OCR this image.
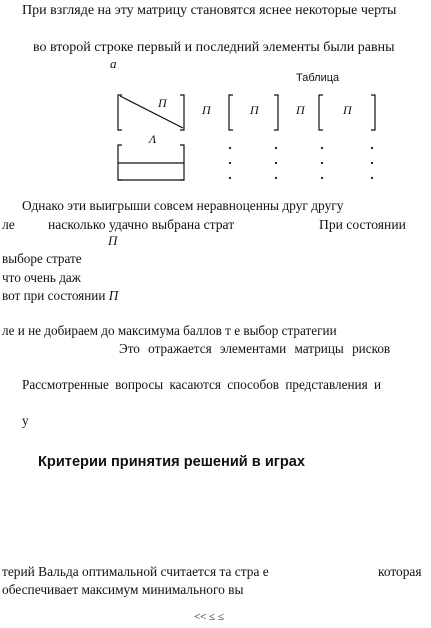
При взгляде на эту матрицу становятся яснее некоторые черты
во второй строке первый и последний элементы были равны
a
Таблица
П
Λ
П	П	П	П
Однако эти выигрыши совсем неравноценны друг другу
ле насколько удачно выбрана страт	При состоянии
П
выборе страте
что очень даж
вот при состоянии П
ле и не добираем до максимума баллов т е выбор стратегии
Это отражается элементами матрицы рисков
Рассмотренные вопросы касаются способов представления и
у
Критерии принятия решений в играх
терий Вальда оптимальной считается та стра е	которая
обеспечивает максимум минимального вы
<< ≤ ≤
